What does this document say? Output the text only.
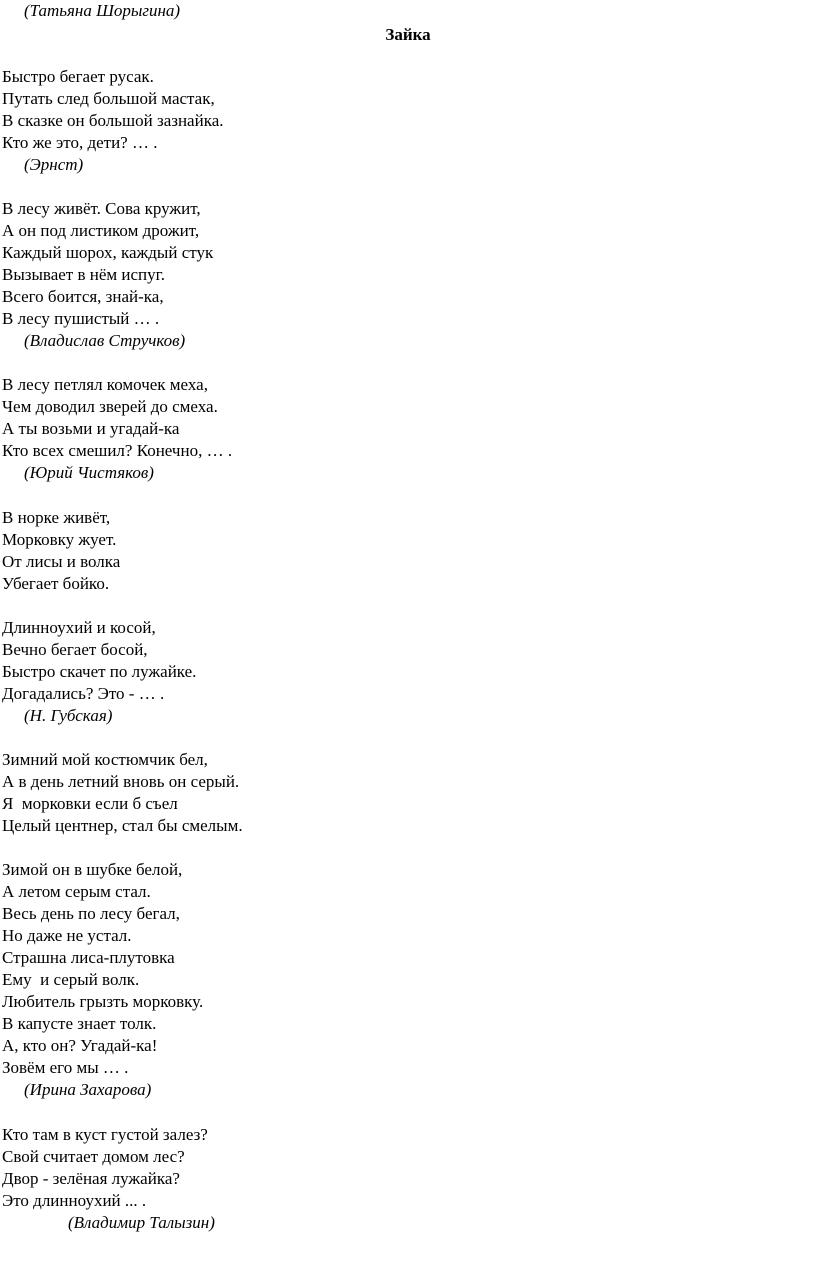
(Татьяна Шорыгина)
Зайка
Быстро бегает русак.
Путать след большой мастак,
В сказке он большой зазнайка.
Кто же это, дети? … .
(Эрнст)
В лесу живёт. Сова кружит,
А он под листиком дрожит,
Каждый шорох, каждый стук
Вызывает в нём испуг.
Всего боится, знай-ка,
В лесу пушистый … .
(Владислав Стручков)
В лесу петлял комочек меха,
Чем доводил зверей до смеха.
А ты возьми и угадай-ка
Кто всех смешил? Конечно, … .
(Юрий Чистяков)
В норке живёт,
Морковку жует.
От лисы и волка
Убегает бойко.
Длинноухий и косой,
Вечно бегает босой,
Быстро скачет по лужайке.
Догадались? Это - … .
(Н. Губская)
Зимний мой костюмчик бел,
А в день летний вновь он серый.
Я  морковки если б съел
Целый центнер, стал бы смелым.
Зимой он в шубке белой,
А летом серым стал.
Весь день по лесу бегал,
Но даже не устал.
Страшна лиса-плутовка
Ему  и серый волк.
Любитель грызть морковку.
В капусте знает толк.
А, кто он? Угадай-ка!
Зовём его мы … .
(Ирина Захарова)
Кто там в куст густой залез?
Свой считает домом лес?
Двор - зелёная лужайка?
Это длинноухий ... .
(Владимир Талызин)
